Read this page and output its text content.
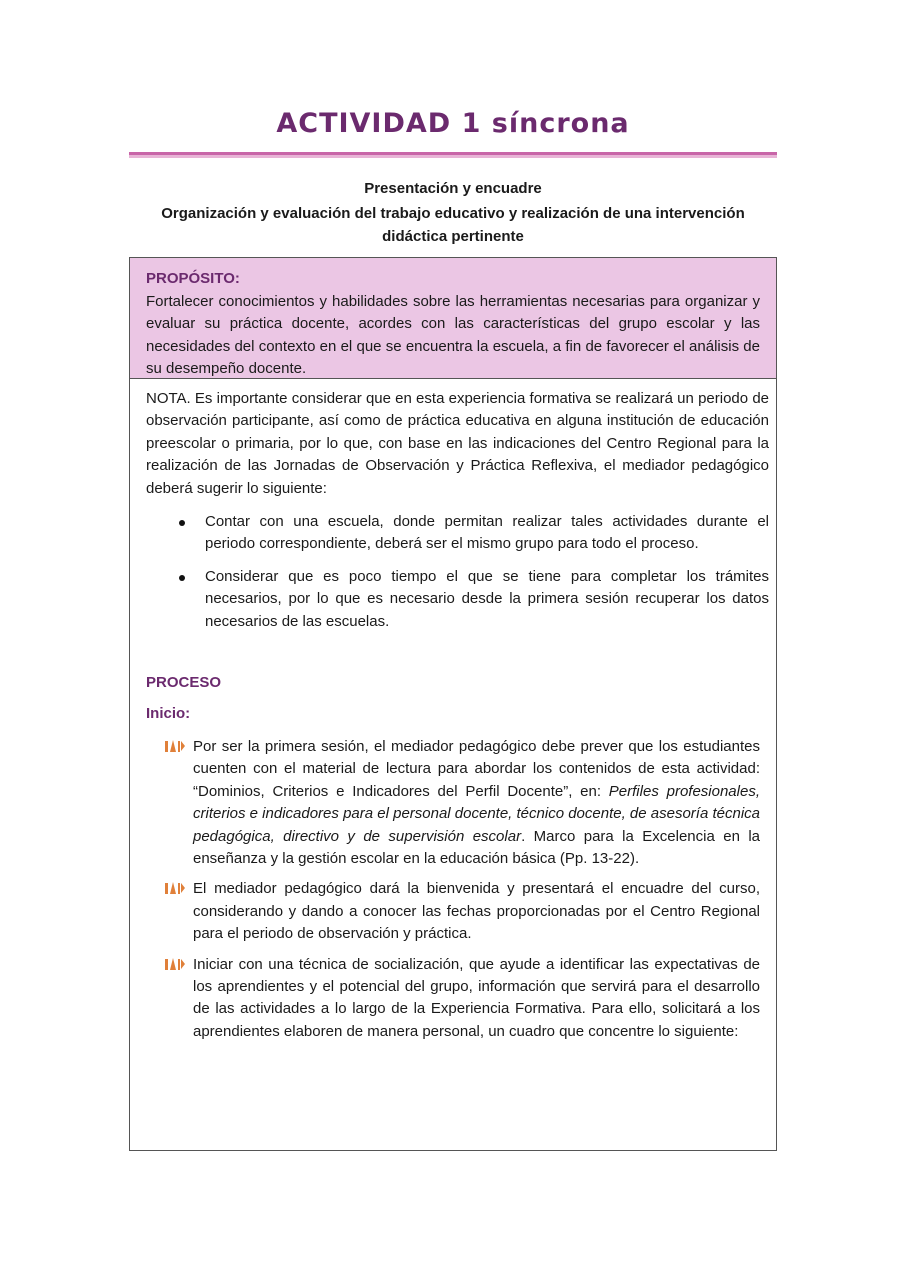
ACTIVIDAD 1 síncrona
Presentación y encuadre
Organización y evaluación del trabajo educativo y realización de una intervención didáctica pertinente
PROPÓSITO:
Fortalecer conocimientos y habilidades sobre las herramientas necesarias para organizar y evaluar su práctica docente, acordes con las características del grupo escolar y las necesidades del contexto en el que se encuentra la escuela, a fin de favorecer el análisis de su desempeño docente.
NOTA. Es importante considerar que en esta experiencia formativa se realizará un periodo de observación participante, así como de práctica educativa en alguna institución de educación preescolar o primaria, por lo que, con base en las indicaciones del Centro Regional para la realización de las Jornadas de Observación y Práctica Reflexiva, el mediador pedagógico deberá sugerir lo siguiente:
Contar con una escuela, donde permitan realizar tales actividades durante el periodo correspondiente, deberá ser el mismo grupo para todo el proceso.
Considerar que es poco tiempo el que se tiene para completar los trámites necesarios, por lo que es necesario desde la primera sesión recuperar los datos necesarios de las escuelas.
PROCESO
Inicio:
Por ser la primera sesión, el mediador pedagógico debe prever que los estudiantes cuenten con el material de lectura para abordar los contenidos de esta actividad: “Dominios, Criterios e Indicadores del Perfil Docente”, en: Perfiles profesionales, criterios e indicadores para el personal docente, técnico docente, de asesoría técnica pedagógica, directivo y de supervisión escolar. Marco para la Excelencia en la enseñanza y la gestión escolar en la educación básica (Pp. 13-22).
El mediador pedagógico dará la bienvenida y presentará el encuadre del curso, considerando y dando a conocer las fechas proporcionadas por el Centro Regional para el periodo de observación y práctica.
Iniciar con una técnica de socialización, que ayude a identificar las expectativas de los aprendientes y el potencial del grupo, información que servirá para el desarrollo de las actividades a lo largo de la Experiencia Formativa. Para ello, solicitará a los aprendientes elaboren de manera personal, un cuadro que concentre lo siguiente:
